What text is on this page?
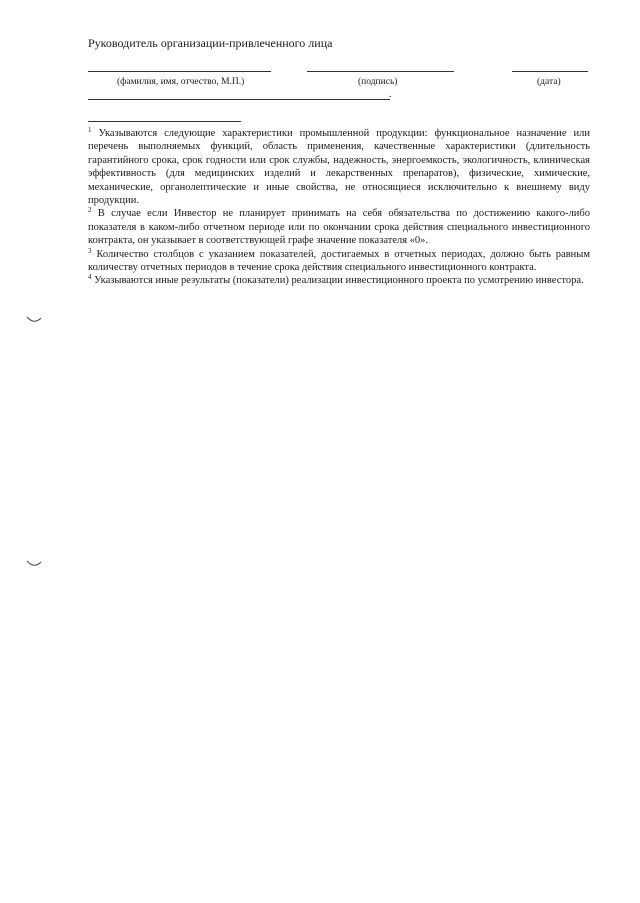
Руководитель организации-привлеченного лица
(фамилия, имя, отчество, М.П.)	(подпись)	(дата)
.

$^1$ Указываются следующие характеристики промышленной продукции: функциональное назначение или перечень выполняемых функций, область применения, качественные характеристики (длительность гарантийного срока, срок годности или срок службы, надежность, энергоемкость, экологичность, клиническая эффективность (для медицинских изделий и лекарственных препаратов), физические, химические, механические, органолептические и иные свойства, не относящиеся исключительно к внешнему виду продукции.

$^2$ В случае если Инвестор не планирует принимать на себя обязательства по достижению какого-либо показателя в каком-либо отчетном периоде или по окончании срока действия специального инвестиционного контракта, он указывает в соответствующей графе значение показателя «0».

$^3$ Количество столбцов с указанием показателей, достигаемых в отчетных периодах, должно быть равным количеству отчетных периодов в течение срока действия специального инвестиционного контракта.

$^4$ Указываются иные результаты (показатели) реализации инвестиционного проекта по усмотрению инвестора.
